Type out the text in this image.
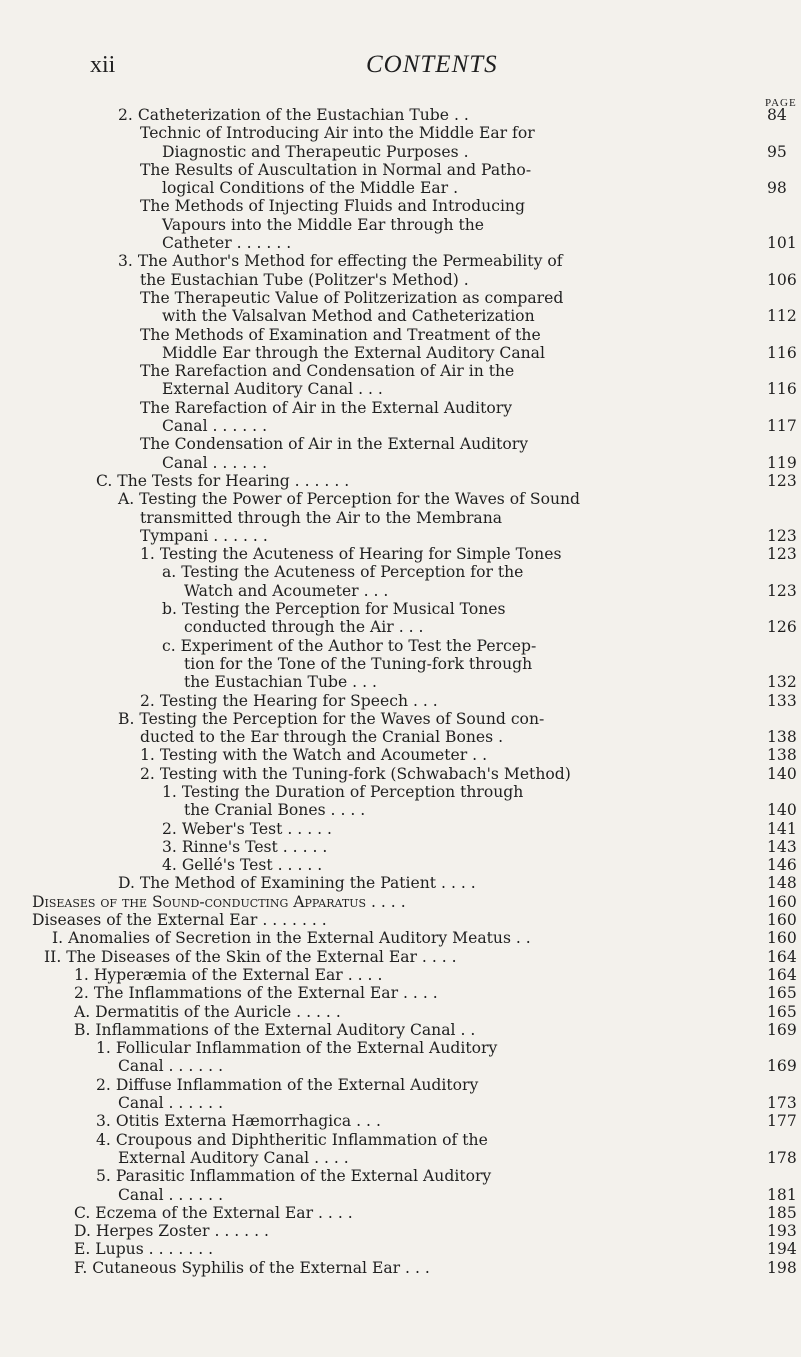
xii	CONTENTS
PAGE
2. Catheterization of the Eustachian Tube . .	84
Technic of Introducing Air into the Middle Ear for
Diagnostic and Therapeutic Purposes .	95
The Results of Auscultation in Normal and Patho-
logical Conditions of the Middle Ear .	98
The Methods of Injecting Fluids and Introducing
Vapours into the Middle Ear through the
Catheter . . . . . .	101
3. The Author's Method for effecting the Permeability of
the Eustachian Tube (Politzer's Method) .	106
The Therapeutic Value of Politzerization as compared
with the Valsalvan Method and Catheterization	112
The Methods of Examination and Treatment of the
Middle Ear through the External Auditory Canal	116
The Rarefaction and Condensation of Air in the
External Auditory Canal . . .	116
The Rarefaction of Air in the External Auditory
Canal . . . . . .	117
The Condensation of Air in the External Auditory
Canal . . . . . .	119
C. The Tests for Hearing . . . . . .	123
A. Testing the Power of Perception for the Waves of Sound
transmitted through the Air to the Membrana
Tympani . . . . . .	123
1. Testing the Acuteness of Hearing for Simple Tones	123
a. Testing the Acuteness of Perception for the
Watch and Acoumeter . . .	123
b. Testing the Perception for Musical Tones
conducted through the Air . . .	126
c. Experiment of the Author to Test the Percep-
tion for the Tone of the Tuning-fork through
the Eustachian Tube . . .	132
2. Testing the Hearing for Speech . . .	133
B. Testing the Perception for the Waves of Sound con-
ducted to the Ear through the Cranial Bones .	138
1. Testing with the Watch and Acoumeter . .	138
2. Testing with the Tuning-fork (Schwabach's Method)	140
1. Testing the Duration of Perception through
the Cranial Bones . . . .	140
2. Weber's Test . . . . .	141
3. Rinne's Test . . . . .	143
4. Gellé's Test . . . . .	146
D. The Method of Examining the Patient . . . .	148
Diseases of the Sound-conducting Apparatus . . . .	160
Diseases of the External Ear . . . . . . .	160
I. Anomalies of Secretion in the External Auditory Meatus . .	160
II. The Diseases of the Skin of the External Ear . . . .	164
1. Hyperæmia of the External Ear . . . .	164
2. The Inflammations of the External Ear . . . .	165
A. Dermatitis of the Auricle . . . . .	165
B. Inflammations of the External Auditory Canal . .	169
1. Follicular Inflammation of the External Auditory
Canal . . . . . .	169
2. Diffuse Inflammation of the External Auditory
Canal . . . . . .	173
3. Otitis Externa Hæmorrhagica . . .	177
4. Croupous and Diphtheritic Inflammation of the
External Auditory Canal . . . .	178
5. Parasitic Inflammation of the External Auditory
Canal . . . . . .	181
C. Eczema of the External Ear . . . .	185
D. Herpes Zoster . . . . . .	193
E. Lupus . . . . . . .	194
F. Cutaneous Syphilis of the External Ear . . .	198
